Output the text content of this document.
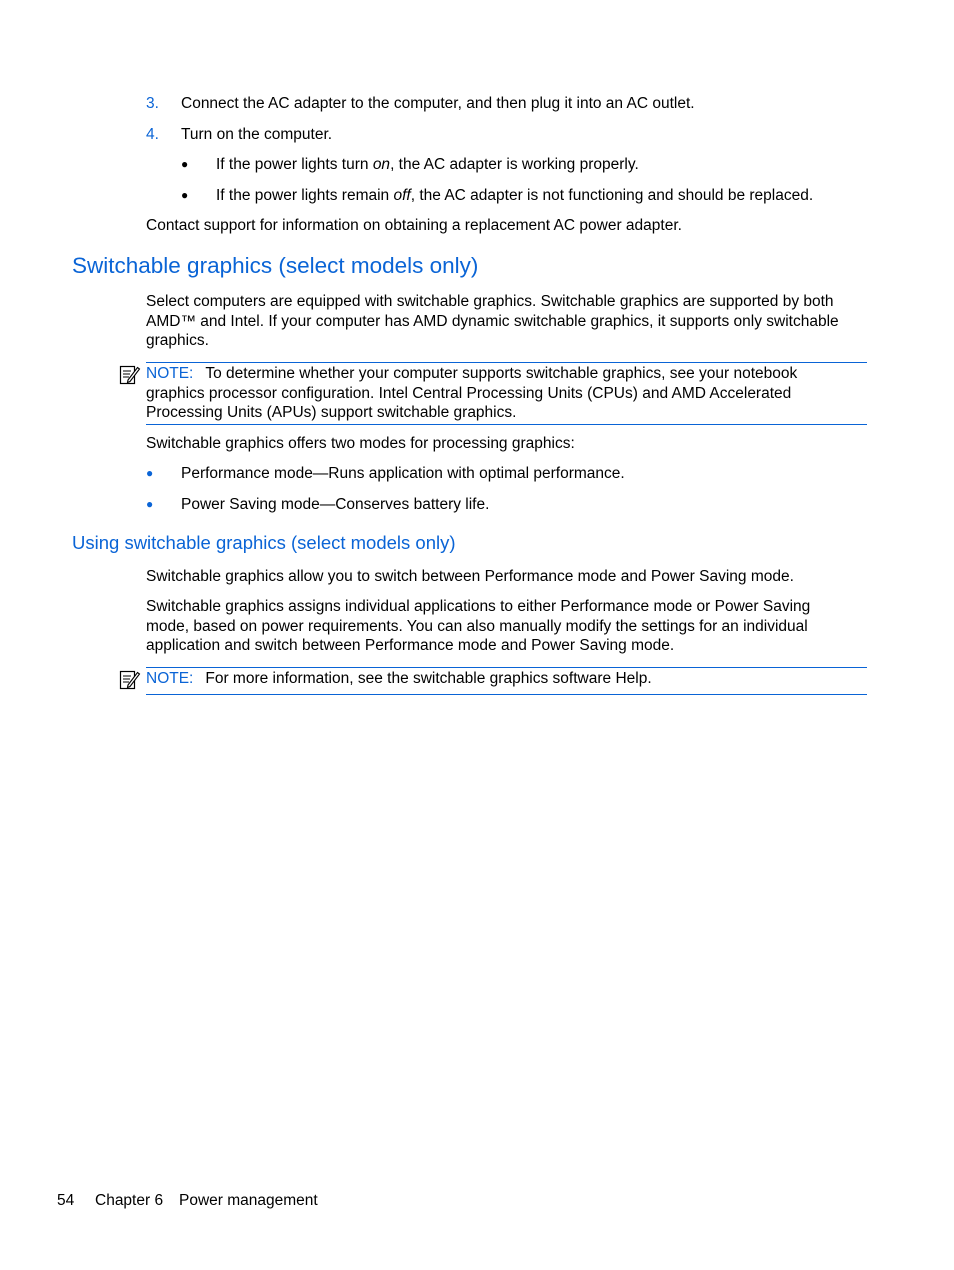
3.	Connect the AC adapter to the computer, and then plug it into an AC outlet.
4.	Turn on the computer.
●	If the power lights turn on, the AC adapter is working properly.
●	If the power lights remain off, the AC adapter is not functioning and should be replaced.
Contact support for information on obtaining a replacement AC power adapter.
Switchable graphics (select models only)
Select computers are equipped with switchable graphics. Switchable graphics are supported by both
AMD™ and Intel. If your computer has AMD dynamic switchable graphics, it supports only switchable
graphics.
NOTE: To determine whether your computer supports switchable graphics, see your notebook
graphics processor configuration. Intel Central Processing Units (CPUs) and AMD Accelerated
Processing Units (APUs) support switchable graphics.
Switchable graphics offers two modes for processing graphics:
●	Performance mode—Runs application with optimal performance.
●	Power Saving mode—Conserves battery life.
Using switchable graphics (select models only)
Switchable graphics allow you to switch between Performance mode and Power Saving mode.
Switchable graphics assigns individual applications to either Performance mode or Power Saving
mode, based on power requirements. You can also manually modify the settings for an individual
application and switch between Performance mode and Power Saving mode.
NOTE: For more information, see the switchable graphics software Help.
54 Chapter 6 Power management
